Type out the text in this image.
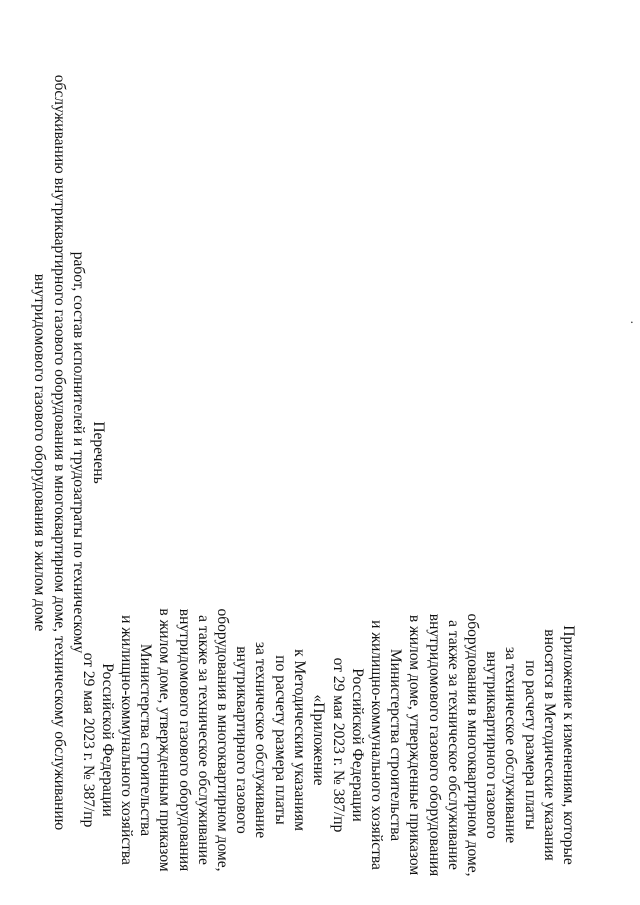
·
Приложение к изменениям, которые
вносятся в Методические указания
по расчету размера платы
за техническое обслуживание
внутриквартирного газового
оборудования в многоквартирном доме,
а также за техническое обслуживание
внутридомового газового оборудования
в жилом доме, утвержденные приказом
Министерства строительства
и жилищно-коммунального хозяйства
Российской Федерации
от 29 мая 2023 г. № 387/пр
«Приложение
к Методическим указаниям
по расчету размера платы
за техническое обслуживание
внутриквартирного газового
оборудования в многоквартирном доме,
а также за техническое обслуживание
внутридомового газового оборудования
в жилом доме, утвержденным приказом
Министерства строительства
и жилищно-коммунального хозяйства
Российской Федерации
от 29 мая 2023 г. № 387/пр
Перечень
работ, состав исполнителей и трудозатраты по техническому
обслуживанию внутриквартирного газового оборудования в многоквартирном доме, техническому обслуживанию
внутридомового газового оборудования в жилом доме
